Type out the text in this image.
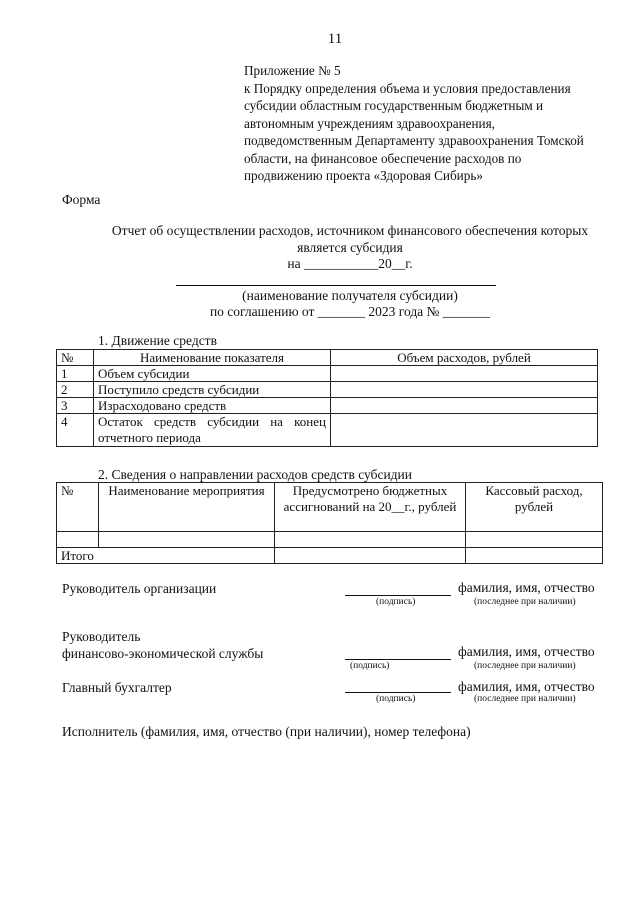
11
Приложение № 5
к Порядку определения объема и условия предоставления
субсидии областным государственным бюджетным и
автономным учреждениям здравоохранения,
подведомственным Департаменту здравоохранения Томской
области, на финансовое обеспечение расходов по
продвижению проекта «Здоровая Сибирь»
Форма
Отчет об осуществлении расходов, источником финансового обеспечения которых
является субсидия
на ___________20__г.
(наименование получателя субсидии)
по соглашению от _______ 2023 года № _______
1. Движение средств
№	Наименование показателя	Объем расходов, рублей
1	Объем субсидии	
2	Поступило средств субсидии	
3	Израсходовано средств	
4	Остаток средств субсидии на конец отчетного периода	
2. Сведения о направлении расходов средств субсидии
№	Наименование мероприятия	Предусмотрено бюджетных ассигнований на 20__г., рублей	Кассовый расход, рублей

Итого			
Руководитель организации	фамилия, имя, отчество
(подпись)	(последнее при наличии)
Руководитель
финансово-экономической службы	фамилия, имя, отчество
(подпись)	(последнее при наличии)
Главный бухгалтер	фамилия, имя, отчество
(подпись)	(последнее при наличии)
Исполнитель (фамилия, имя, отчество (при наличии), номер телефона)
